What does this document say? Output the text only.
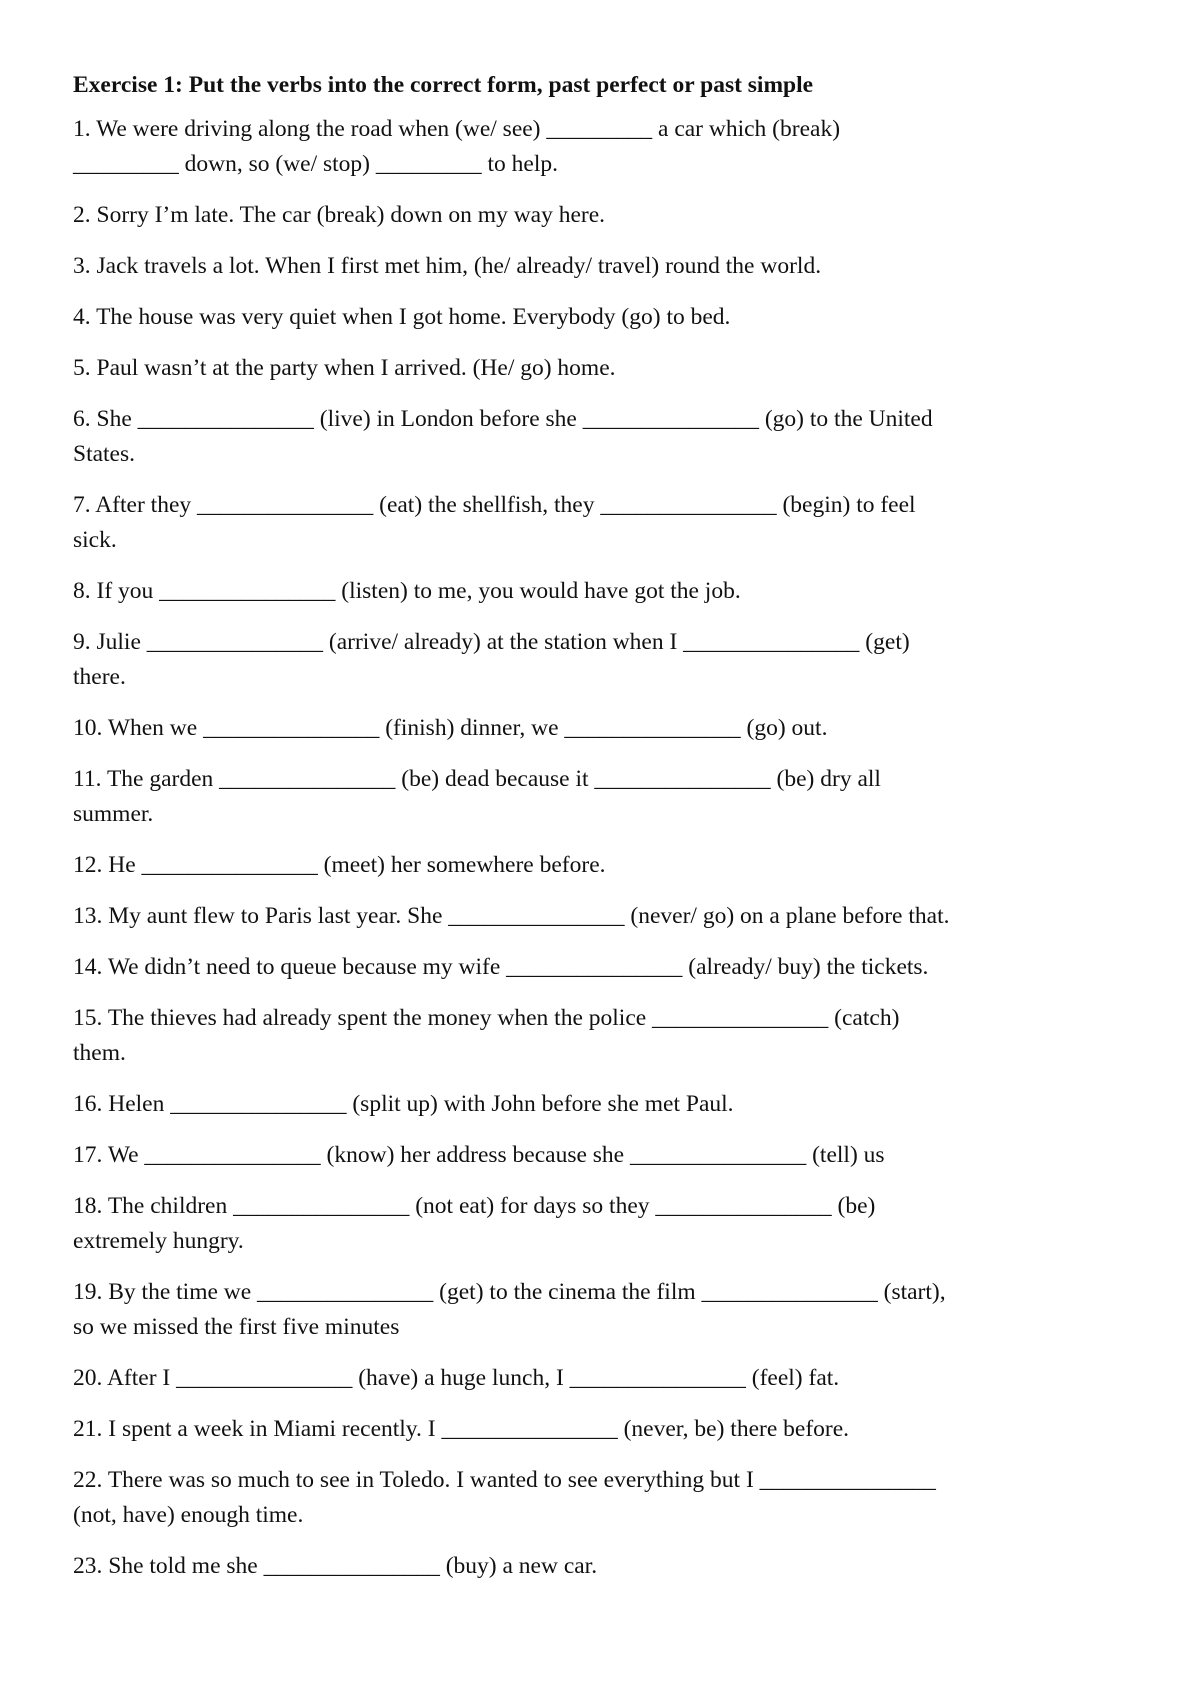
Exercise 1: Put the verbs into the correct form, past perfect or past simple
1. We were driving along the road when (we/ see) _________ a car which (break)
_________ down, so (we/ stop) _________ to help.
2. Sorry I’m late. The car (break) down on my way here.
3. Jack travels a lot. When I first met him, (he/ already/ travel) round the world.
4. The house was very quiet when I got home. Everybody (go) to bed.
5. Paul wasn’t at the party when I arrived. (He/ go) home.
6. She _______________ (live) in London before she _______________ (go) to the United
States.
7. After they _______________ (eat) the shellfish, they _______________ (begin) to feel
sick.
8. If you _______________ (listen) to me, you would have got the job.
9. Julie _______________ (arrive/ already) at the station when I _______________ (get)
there.
10. When we _______________ (finish) dinner, we _______________ (go) out.
11. The garden _______________ (be) dead because it _______________ (be) dry all
summer.
12. He _______________ (meet) her somewhere before.
13. My aunt flew to Paris last year. She _______________ (never/ go) on a plane before that.
14. We didn’t need to queue because my wife _______________ (already/ buy) the tickets.
15. The thieves had already spent the money when the police _______________ (catch)
them.
16. Helen _______________ (split up) with John before she met Paul.
17. We _______________ (know) her address because she _______________ (tell) us
18. The children _______________ (not eat) for days so they _______________ (be)
extremely hungry.
19. By the time we _______________ (get) to the cinema the film _______________ (start),
so we missed the first five minutes
20. After I _______________ (have) a huge lunch, I _______________ (feel) fat.
21. I spent a week in Miami recently. I _______________ (never, be) there before.
22. There was so much to see in Toledo. I wanted to see everything but I _______________
(not, have) enough time.
23. She told me she _______________ (buy) a new car.
